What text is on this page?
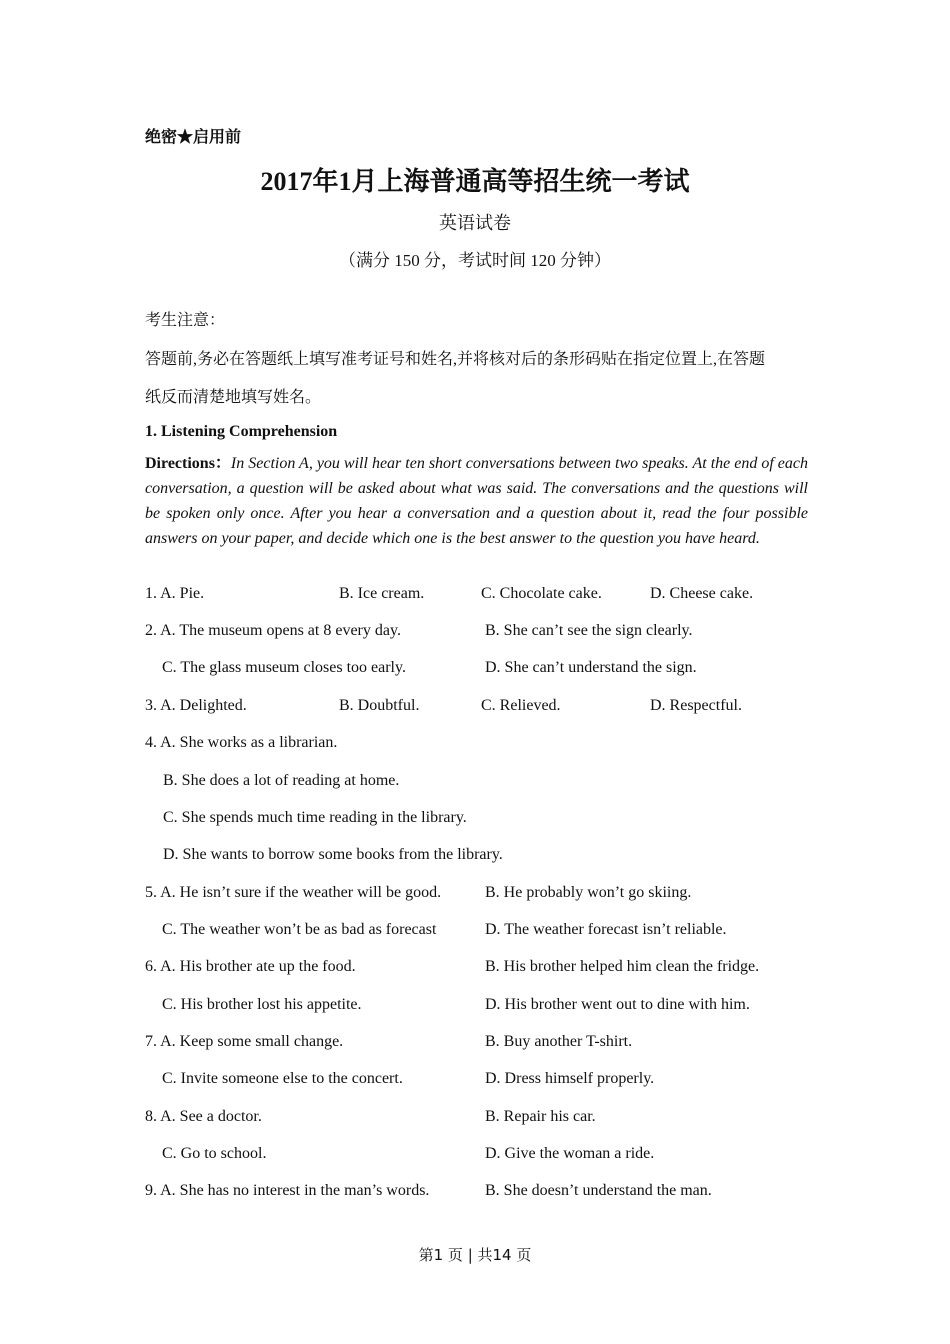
绝密★启用前
2017年1月上海普通高等招生统一考试
英语试卷
（满分 150 分，考试时间 120 分钟）
考生注意：
答题前,务必在答题纸上填写准考证号和姓名,并将核对后的条形码贴在指定位置上,在答题
纸反而清楚地填写姓名。
1. Listening Comprehension
Directions：In Section A, you will hear ten short conversations between two speaks. At the end of each conversation, a question will be asked about what was said. The conversations and the questions will be spoken only once. After you hear a conversation and a question about it, read the four possible answers on your paper, and decide which one is the best answer to the question you have heard.
1. A. Pie.	B. Ice cream.	C. Chocolate cake.	D. Cheese cake.
2. A. The museum opens at 8 every day.	B. She can’t see the sign clearly.
C. The glass museum closes too early.	D. She can’t understand the sign.
3. A. Delighted.	B. Doubtful.	C. Relieved.	D. Respectful.
4. A. She works as a librarian.
B. She does a lot of reading at home.
C. She spends much time reading in the library.
D. She wants to borrow some books from the library.
5. A. He isn’t sure if the weather will be good.	B. He probably won’t go skiing.
C. The weather won’t be as bad as forecast	D. The weather forecast isn’t reliable.
6. A. His brother ate up the food.	B. His brother helped him clean the fridge.
C. His brother lost his appetite.	D. His brother went out to dine with him.
7. A. Keep some small change.	B. Buy another T-shirt.
C. Invite someone else to the concert.	D. Dress himself properly.
8. A. See a doctor.	B. Repair his car.
C. Go to school.	D. Give the woman a ride.
9. A. She has no interest in the man’s words.	B. She doesn’t understand the man.
第1 页 | 共14 页
